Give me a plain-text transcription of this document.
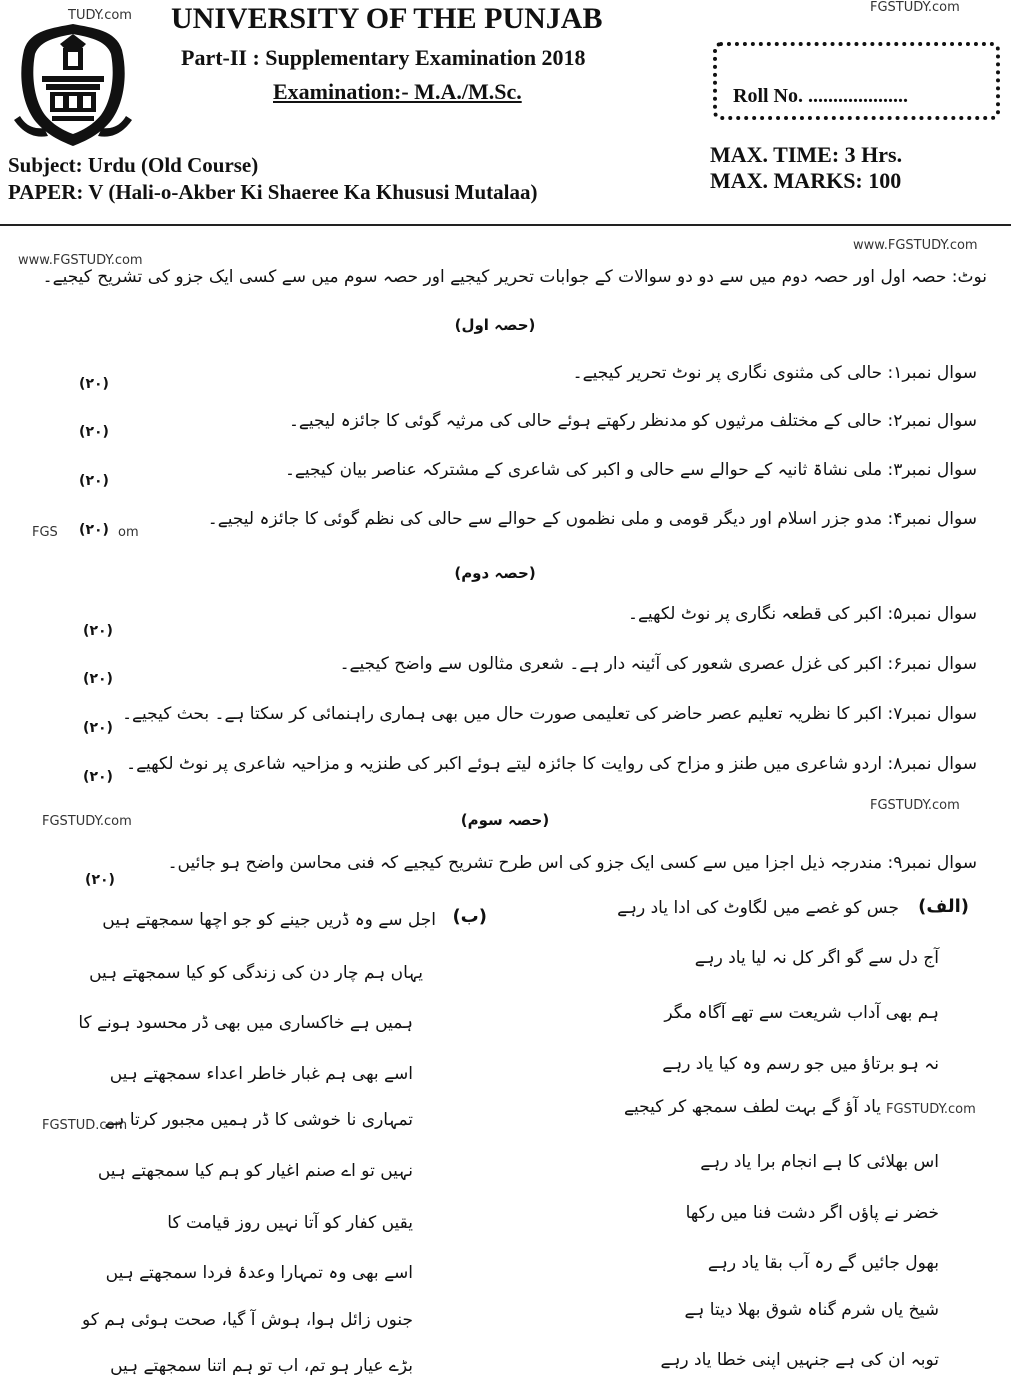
TUDY.com
FGSTUDY.com
www.FGSTUDY.com
www.FGSTUDY.com
FGS	om
FGSTUDY.com
FGSTUDY.com
FGSTUDY.com
FGSTUD.com
UNIVERSITY OF THE PUNJAB
Part-II : Supplementary Examination 2018
Examination:- M.A./M.Sc.	Roll No. ....................
Subject: Urdu (Old Course)
PAPER: V (Hali-o-Akber Ki Shaeree Ka Khususi Mutalaa)
MAX. TIME: 3 Hrs.
MAX. MARKS: 100
نوٹ: حصہ اول اور حصہ دوم میں سے دو دو سوالات کے جوابات تحریر کیجیے اور حصہ سوم میں سے کسی ایک جزو کی تشریح کیجیے۔
(حصہ اول)
(حصہ دوم)
(حصہ سوم)
سوال نمبر۱: حالی کی مثنوی نگاری پر نوٹ تحریر کیجیے۔
(۲۰)
سوال نمبر۲: حالی کے مختلف مرثیوں کو مدنظر رکھتے ہوئے حالی کی مرثیہ گوئی کا جائزہ لیجیے۔
(۲۰)
سوال نمبر۳: ملی نشاۃ ثانیہ کے حوالے سے حالی و اکبر کی شاعری کے مشترکہ عناصر بیان کیجیے۔
(۲۰)
سوال نمبر۴: مدو جزر اسلام اور دیگر قومی و ملی نظموں کے حوالے سے حالی کی نظم گوئی کا جائزہ لیجیے۔
(۲۰)
سوال نمبر۵: اکبر کی قطعہ نگاری پر نوٹ لکھیے۔
(۲۰)
سوال نمبر۶: اکبر کی غزل عصری شعور کی آئینہ دار ہے۔ شعری مثالوں سے واضح کیجیے۔
(۲۰)
سوال نمبر۷: اکبر کا نظریہ تعلیم عصر حاضر کی تعلیمی صورت حال میں بھی ہماری راہنمائی کر سکتا ہے۔ بحث کیجیے۔
(۲۰)
سوال نمبر۸: اردو شاعری میں طنز و مزاح کی روایت کا جائزہ لیتے ہوئے اکبر کی طنزیہ و مزاحیہ شاعری پر نوٹ لکھیے۔
(۲۰)
سوال نمبر۹: مندرجہ ذیل اجزا میں سے کسی ایک جزو کی اس طرح تشریح کیجیے کہ فنی محاسن واضح ہو جائیں۔
(۲۰)
(الف)
جس کو غصے میں لگاوٹ کی ادا یاد رہے
آج دل سے گو اگر کل نہ لیا یاد رہے
ہم بھی آداب شریعت سے تھے آگاہ مگر
نہ ہو برتاؤ میں جو رسم وہ کیا یاد رہے
یاد آؤ گے بہت لطف سمجھ کر کیجیے
اس بھلائی کا ہے انجام برا یاد رہے
خضر نے پاؤں اگر دشت فنا میں رکھا
بھول جائیں گے رہ آب بقا یاد رہے
شیخ یاں شرم گناہ شوق بھلا دیتا ہے
توبہ ان کی ہے جنہیں اپنی خطا یاد رہے
(ب)
اجل سے وہ ڈریں جینے کو جو اچھا سمجھتے ہیں
یہاں ہم چار دن کی زندگی کو کیا سمجھتے ہیں
ہمیں ہے خاکساری میں بھی ڈر محسود ہونے کا
اسے بھی ہم غبار خاطر اعداء سمجھتے ہیں
تمہاری نا خوشی کا ڈر ہمیں مجبور کرتا ہے
نہیں تو اے صنم اغیار کو ہم کیا سمجھتے ہیں
یقیں کفار کو آتا نہیں روز قیامت کا
اسے بھی وہ تمہارا وعدۂ فردا سمجھتے ہیں
جنوں زائل ہوا، ہوش آ گیا، صحت ہوئی ہم کو
بڑے عیار ہو تم، اب تو ہم اتنا سمجھتے ہیں
